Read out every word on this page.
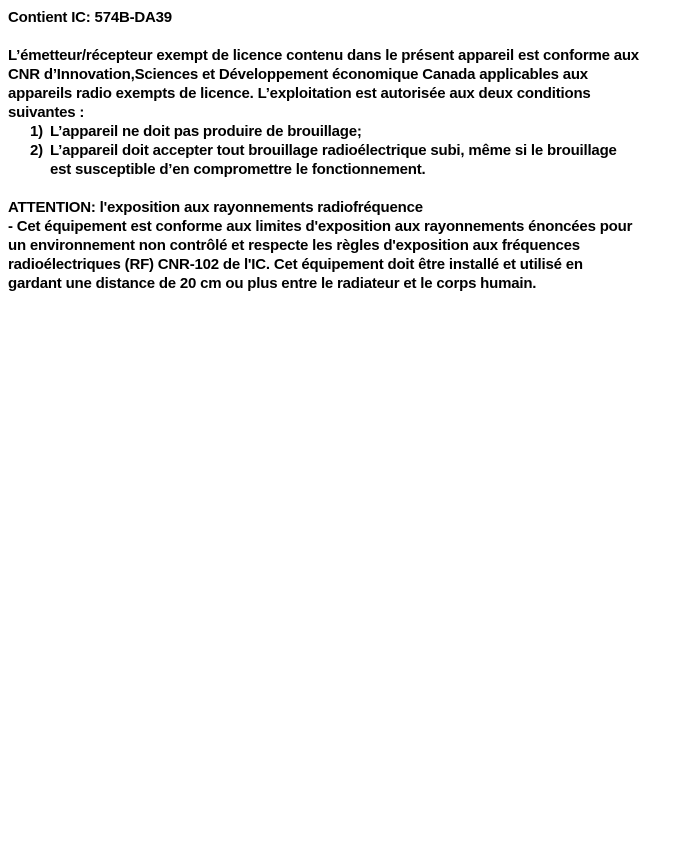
Contient IC: 574B-DA39
L’émetteur/récepteur exempt de licence contenu dans le présent appareil est conforme aux
CNR d’Innovation,Sciences et Développement économique Canada applicables aux
appareils radio exempts de licence. L’exploitation est autorisée aux deux conditions
suivantes :
1) L’appareil ne doit pas produire de brouillage;
2) L’appareil doit accepter tout brouillage radioélectrique subi, même si le brouillage
est susceptible d’en compromettre le fonctionnement.
ATTENTION: l'exposition aux rayonnements radiofréquence
- Cet équipement est conforme aux limites d'exposition aux rayonnements énoncées pour
un environnement non contrôlé et respecte les règles d'exposition aux fréquences
radioélectriques (RF) CNR-102 de l'IC. Cet équipement doit être installé et utilisé en
gardant une distance de 20 cm ou plus entre le radiateur et le corps humain.
